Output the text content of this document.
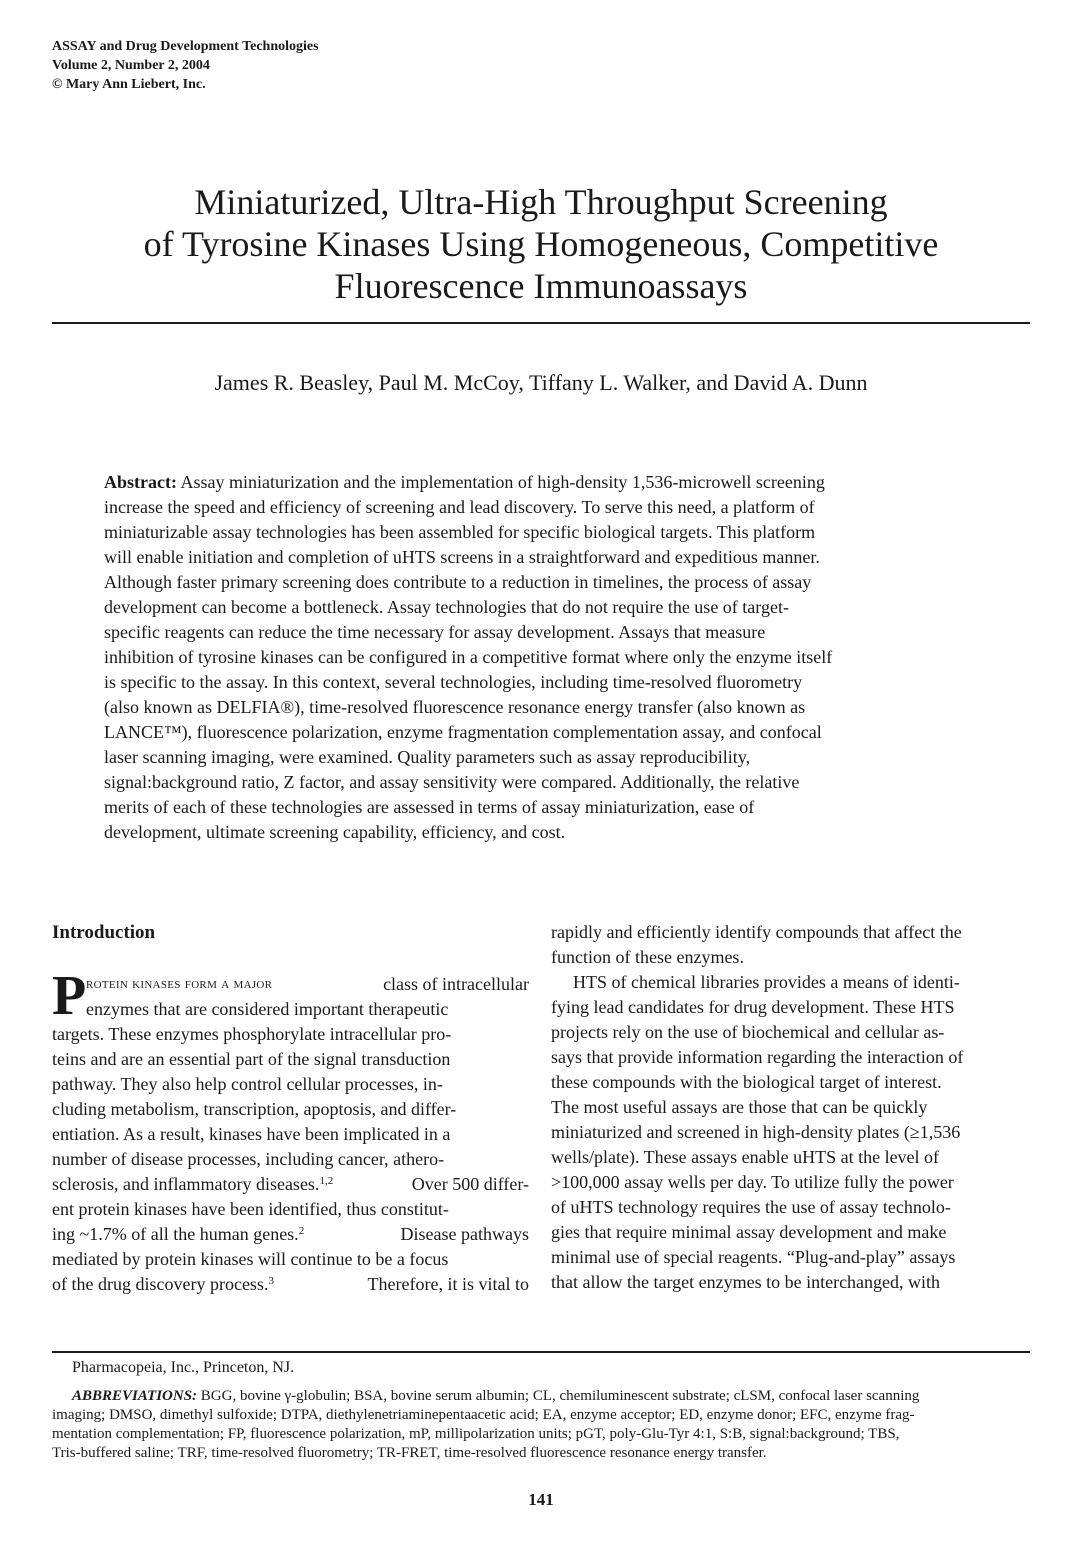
ASSAY and Drug Development Technologies
Volume 2, Number 2, 2004
© Mary Ann Liebert, Inc.
Miniaturized, Ultra-High Throughput Screening
of Tyrosine Kinases Using Homogeneous, Competitive
Fluorescence Immunoassays
James R. Beasley, Paul M. McCoy, Tiffany L. Walker, and David A. Dunn
Abstract: Assay miniaturization and the implementation of high-density 1,536-microwell screening
increase the speed and efficiency of screening and lead discovery. To serve this need, a platform of
miniaturizable assay technologies has been assembled for specific biological targets. This platform
will enable initiation and completion of uHTS screens in a straightforward and expeditious manner.
Although faster primary screening does contribute to a reduction in timelines, the process of assay
development can become a bottleneck. Assay technologies that do not require the use of target-
specific reagents can reduce the time necessary for assay development. Assays that measure
inhibition of tyrosine kinases can be configured in a competitive format where only the enzyme itself
is specific to the assay. In this context, several technologies, including time-resolved fluorometry
(also known as DELFIA®), time-resolved fluorescence resonance energy transfer (also known as
LANCE™), fluorescence polarization, enzyme fragmentation complementation assay, and confocal
laser scanning imaging, were examined. Quality parameters such as assay reproducibility,
signal:background ratio, Z factor, and assay sensitivity were compared. Additionally, the relative
merits of each of these technologies are assessed in terms of assay miniaturization, ease of
development, ultimate screening capability, efficiency, and cost.
Introduction
P rotein kinases form a major	class of intracellular
enzymes that are considered important therapeutic
targets. These enzymes phosphorylate intracellular pro-
teins and are an essential part of the signal transduction
pathway. They also help control cellular processes, in-
cluding metabolism, transcription, apoptosis, and differ-
entiation. As a result, kinases have been implicated in a
number of disease processes, including cancer, athero-
sclerosis, and inflammatory diseases.$^{1,2}$	Over 500 differ-
ent protein kinases have been identified, thus constitut-
ing ~1.7% of all the human genes.$^2$	Disease pathways
mediated by protein kinases will continue to be a focus
of the drug discovery process.$^3$	Therefore, it is vital to
rapidly and efficiently identify compounds that affect the
function of these enzymes.
HTS of chemical libraries provides a means of identi-
fying lead candidates for drug development. These HTS
projects rely on the use of biochemical and cellular as-
says that provide information regarding the interaction of
these compounds with the biological target of interest.
The most useful assays are those that can be quickly
miniaturized and screened in high-density plates (≥1,536
wells/plate). These assays enable uHTS at the level of
>100,000 assay wells per day. To utilize fully the power
of uHTS technology requires the use of assay technolo-
gies that require minimal assay development and make
minimal use of special reagents. “Plug-and-play” assays
that allow the target enzymes to be interchanged, with
Pharmacopeia, Inc., Princeton, NJ.
ABBREVIATIONS: BGG, bovine γ-globulin; BSA, bovine serum albumin; CL, chemiluminescent substrate; cLSM, confocal laser scanning
imaging; DMSO, dimethyl sulfoxide; DTPA, diethylenetriaminepentaacetic acid; EA, enzyme acceptor; ED, enzyme donor; EFC, enzyme frag-
mentation complementation; FP, fluorescence polarization, mP, millipolarization units; pGT, poly-Glu-Tyr 4:1, S:B, signal:background; TBS,
Tris-buffered saline; TRF, time-resolved fluorometry; TR-FRET, time-resolved fluorescence resonance energy transfer.
141
